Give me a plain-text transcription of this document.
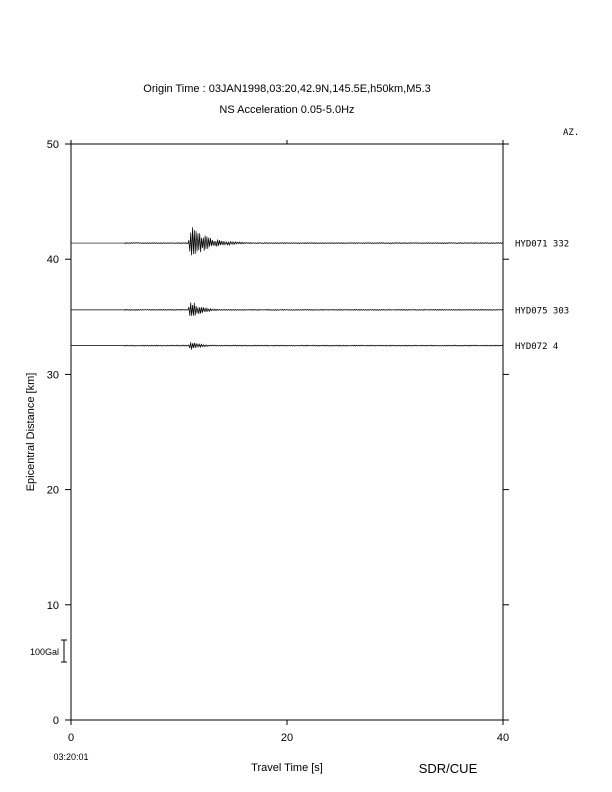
Origin Time : 03JAN1998,03:20,42.9N,145.5E,h50km,M5.3
NS Acceleration 0.05-5.0Hz
AZ.
0	20	40
0
10
20
30
40
50
HYD071 332
HYD075 303
HYD072 4
03:20:01
Travel Time [s]	SDR/CUE
Epicentral Distance [km]
100Gal
